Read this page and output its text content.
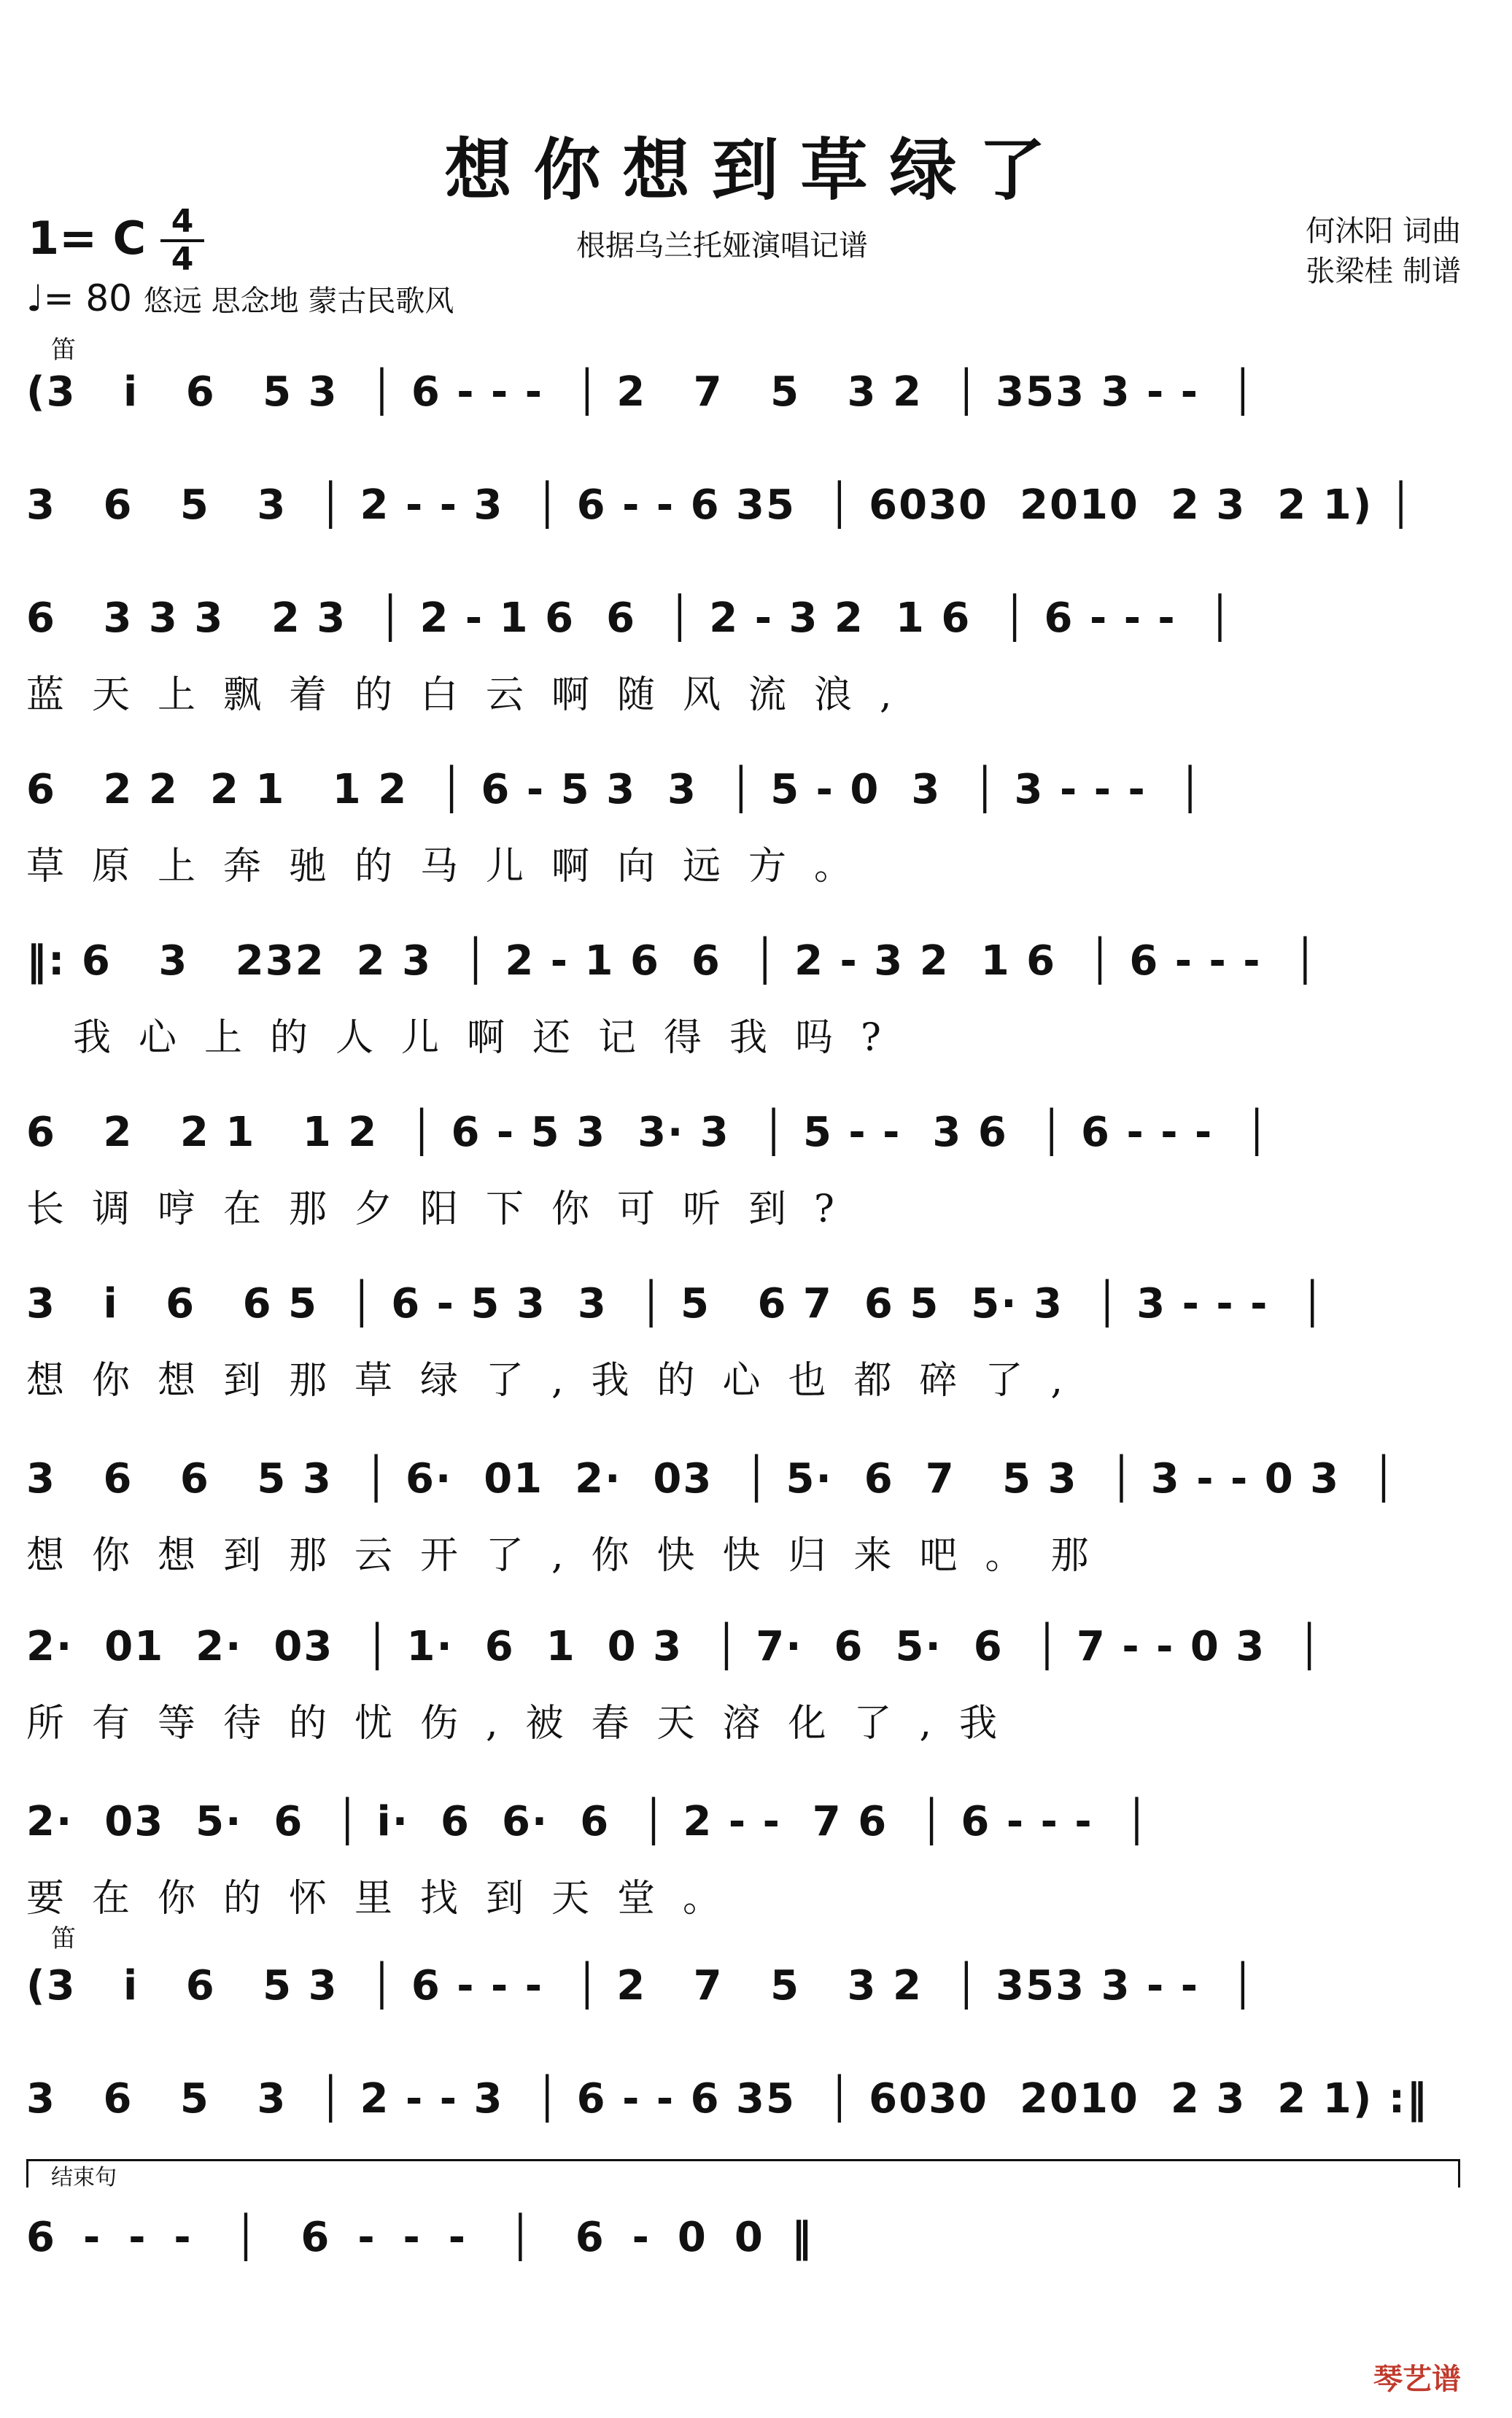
想你想到草绿了
1= C 4
4
♩= 80 悠远 思念地 蒙古民歌风
根据乌兰托娅演唱记谱	何沐阳 词曲
张梁桂 制谱
笛
笛
(3   i   6   5 3  │ 6 - - -  │ 2   7   5   3 2  │ 353 3 - -  │
3   6   5   3  │ 2 - - 3  │ 6 - - 6 35  │ 6030  2010  2 3  2 1) │
6   3 3 3   2 3  │ 2 - 1 6  6  │ 2 - 3 2  1 6  │ 6 - - -  │
蓝天上飘着的白云啊随风流浪,
6   2 2  2 1   1 2  │ 6 - 5 3  3  │ 5 - 0  3  │ 3 - - -  │
草原上奔驰的马儿啊向远方。
‖: 6   3   232  2 3  │ 2 - 1 6  6  │ 2 - 3 2  1 6  │ 6 - - -  │
我心上的人儿啊还记得我吗?
6   2   2 1   1 2  │ 6 - 5 3  3· 3  │ 5 - -  3 6  │ 6 - - -  │
长调哼在那夕阳下你可听到?
3   i   6   6 5  │ 6 - 5 3  3  │ 5   6 7  6 5  5· 3  │ 3 - - -  │
想你想到那草绿了,我的心也都碎了,
3   6   6   5 3  │ 6·  01  2·  03  │ 5·  6  7   5 3  │ 3 - - 0 3  │
想你想到那云开了,你快快归来吧。那
2·  01  2·  03  │ 1·  6  1  0 3  │ 7·  6  5·  6  │ 7 - - 0 3  │
所有等待的忧伤,被春天溶化了,我
2·  03  5·  6  │ i·  6  6·  6  │ 2 - -  7 6  │ 6 - - -  │
要在你的怀里找到天堂。
(3   i   6   5 3  │ 6 - - -  │ 2   7   5   3 2  │ 353 3 - -  │
3   6   5   3  │ 2 - - 3  │ 6 - - 6 35  │ 6030  2010  2 3  2 1) :‖
结束句
6  -  -  -   │   6  -  -  -   │   6  -  0  0  ‖
琴艺谱
